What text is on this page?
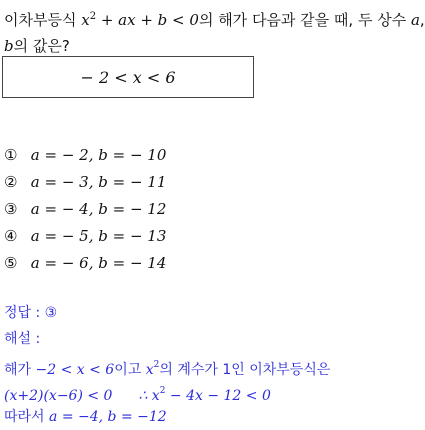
이차부등식 $x^2$ + ax + b < 0의 해가 다음과 같을 때, 두 상수 a,
b의 값은?
− 2 < x < 6
① a = − 2, b = − 10
② a = − 3, b = − 11
③ a = − 4, b = − 12
④ a = − 5, b = − 13
⑤ a = − 6, b = − 14
정답 : ③
해설 :
해가 −2 < x < 6이고 $x^2$의 계수가 1인 이차부등식은
(x+2)(x−6) < 0 ∴ $x^2 - 4x - 12 < 0$
따라서 a = −4, b = −12
